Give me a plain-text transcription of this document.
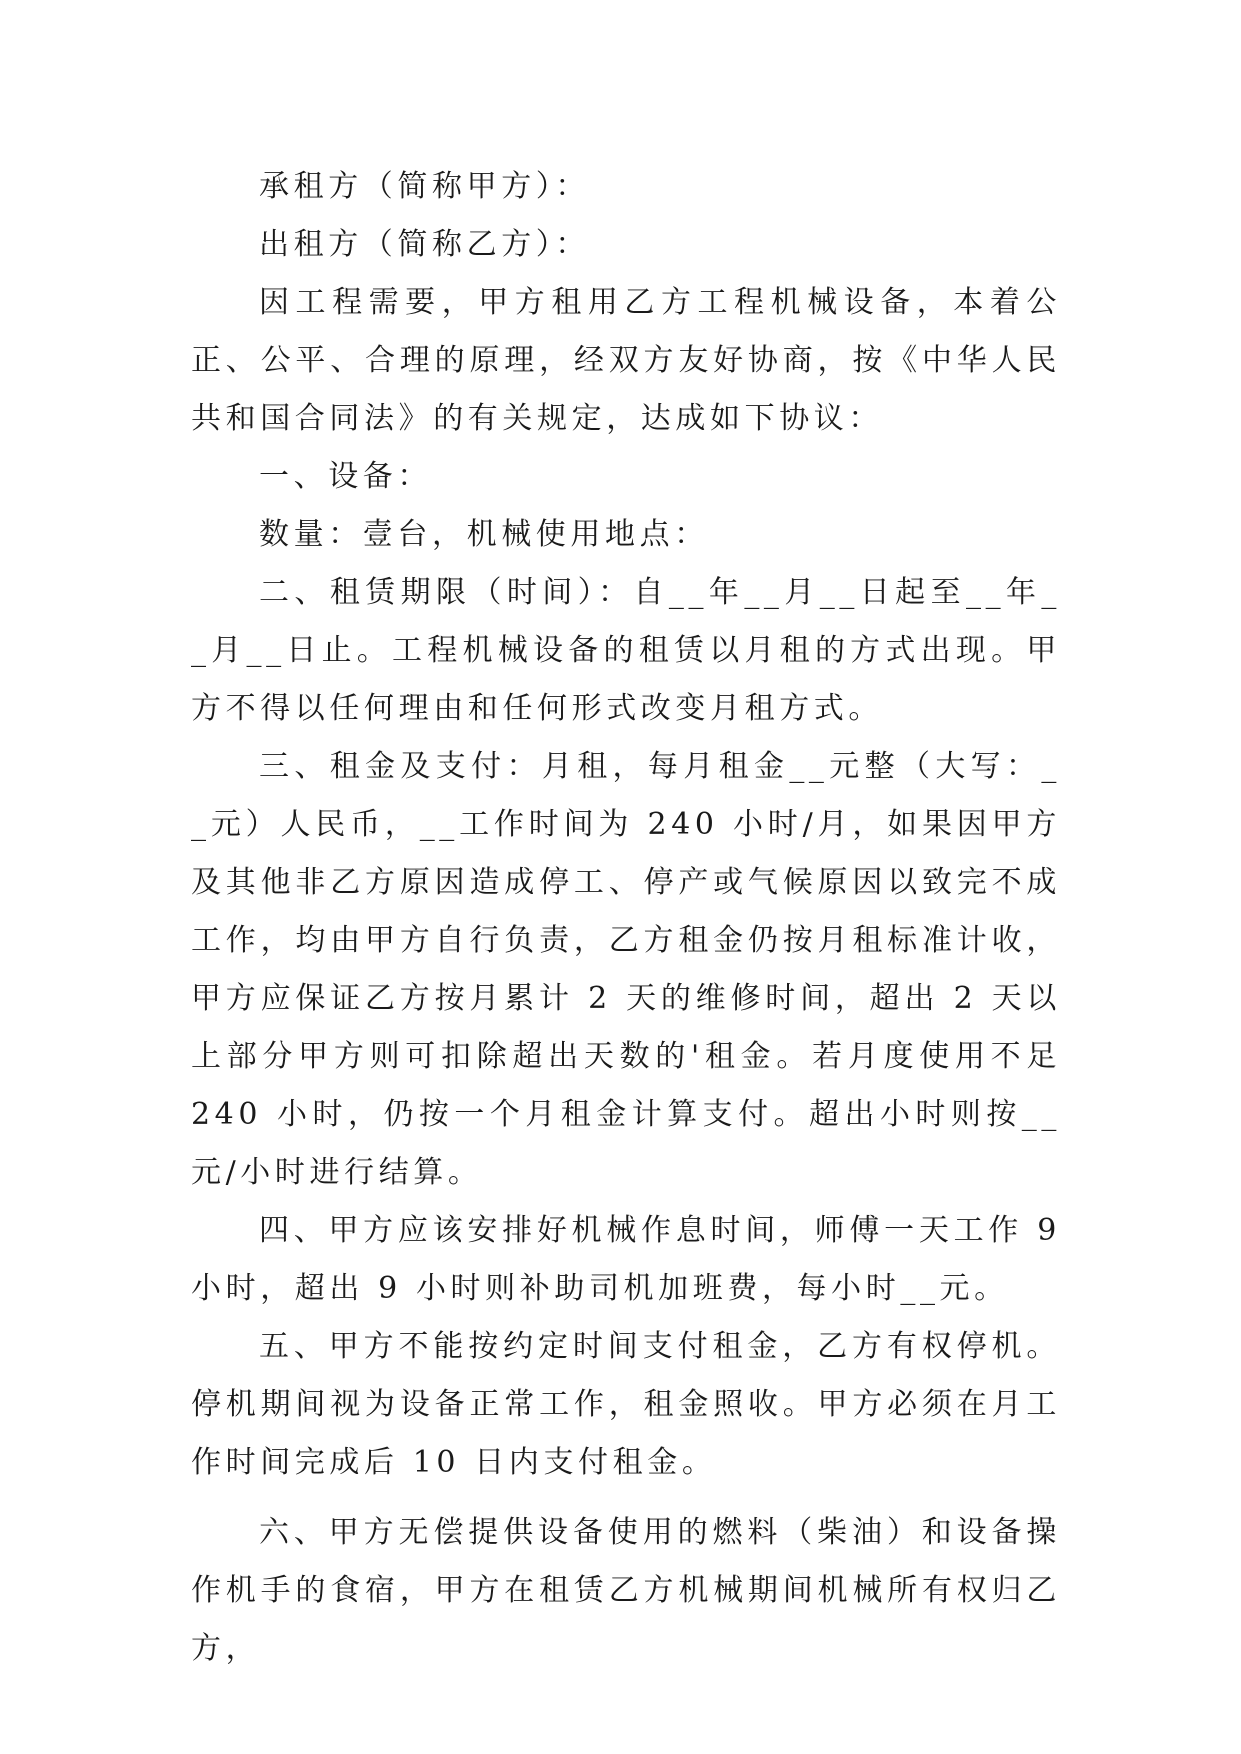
承租方（简称甲方）：

出租方（简称乙方）：

因工程需要，甲方租用乙方工程机械设备，本着公正、公平、合理的原理，经双方友好协商，按《中华人民共和国合同法》的有关规定，达成如下协议：

一、设备：

数量：壹台，机械使用地点：

二、租赁期限（时间）：自__年__月__日起至__年__月__日止。工程机械设备的租赁以月租的方式出现。甲方不得以任何理由和任何形式改变月租方式。

三、租金及支付：月租，每月租金__元整（大写：__元）人民币，__工作时间为 240 小时/月，如果因甲方及其他非乙方原因造成停工、停产或气候原因以致完不成工作，均由甲方自行负责，乙方租金仍按月租标准计收，甲方应保证乙方按月累计 2 天的维修时间，超出 2 天以上部分甲方则可扣除超出天数的'租金。若月度使用不足 240 小时，仍按一个月租金计算支付。超出小时则按__元/小时进行结算。

四、甲方应该安排好机械作息时间，师傅一天工作 9 小时，超出 9 小时则补助司机加班费，每小时__元。

五、甲方不能按约定时间支付租金，乙方有权停机。停机期间视为设备正常工作，租金照收。甲方必须在月工作时间完成后 10 日内支付租金。

六、甲方无偿提供设备使用的燃料（柴油）和设备操作机手的食宿，甲方在租赁乙方机械期间机械所有权归乙方，
